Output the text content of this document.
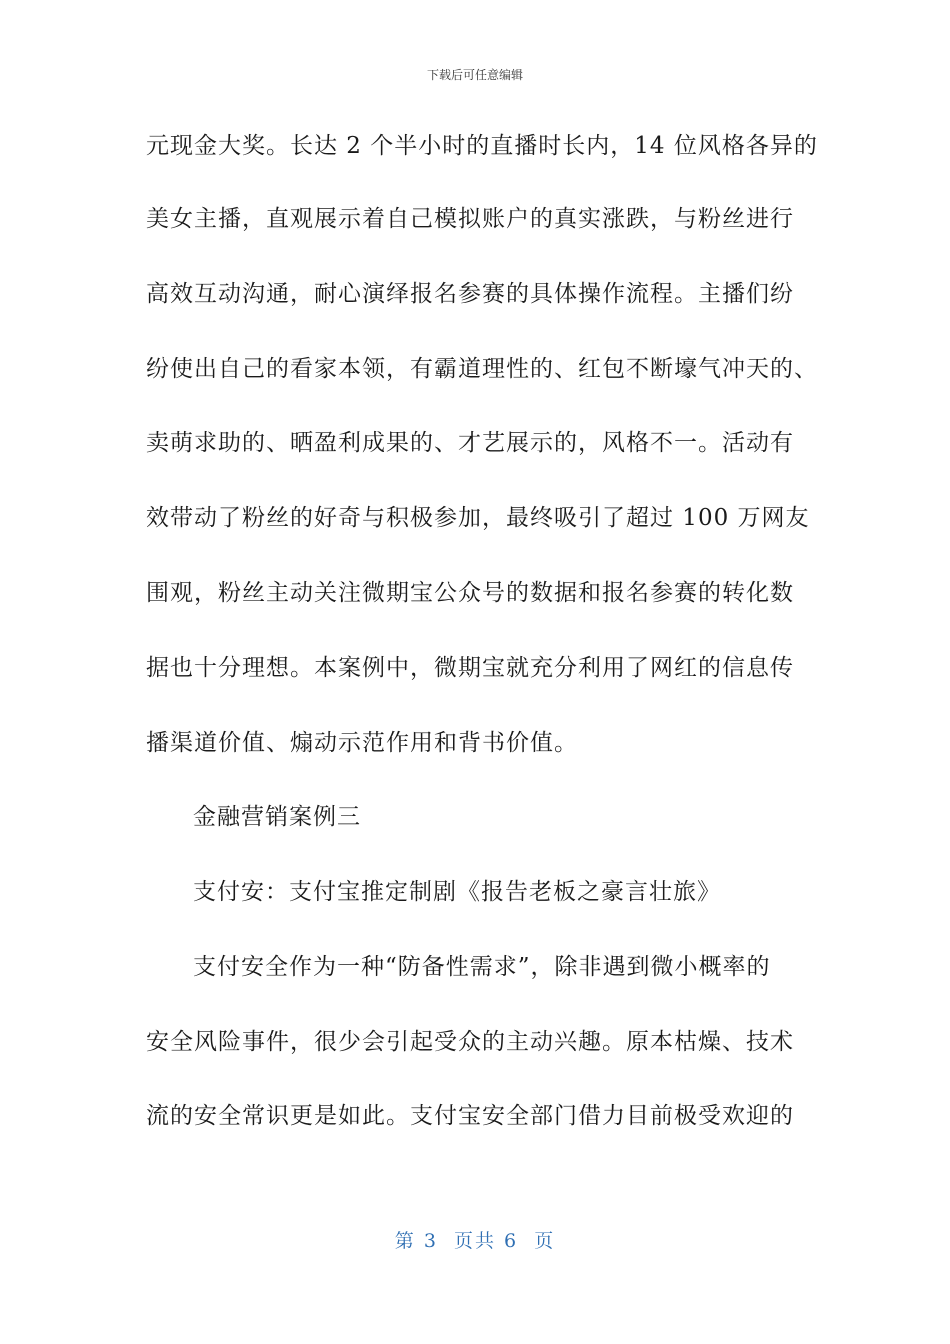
下载后可任意编辑
元现金大奖。长达 2 个半小时的直播时长内，14 位风格各异的
美女主播，直观展示着自己模拟账户的真实涨跌，与粉丝进行
高效互动沟通，耐心演绎报名参赛的具体操作流程。主播们纷
纷使出自己的看家本领，有霸道理性的、红包不断壕气冲天的、
卖萌求助的、晒盈利成果的、才艺展示的，风格不一。活动有
效带动了粉丝的好奇与积极参加，最终吸引了超过 100 万网友
围观，粉丝主动关注微期宝公众号的数据和报名参赛的转化数
据也十分理想。本案例中，微期宝就充分利用了网红的信息传
播渠道价值、煽动示范作用和背书价值。
金融营销案例三
支付安：支付宝推定制剧《报告老板之豪言壮旅》
支付安全作为一种“防备性需求”，除非遇到微小概率的
安全风险事件，很少会引起受众的主动兴趣。原本枯燥、技术
流的安全常识更是如此。支付宝安全部门借力目前极受欢迎的
第 3  页共 6  页
